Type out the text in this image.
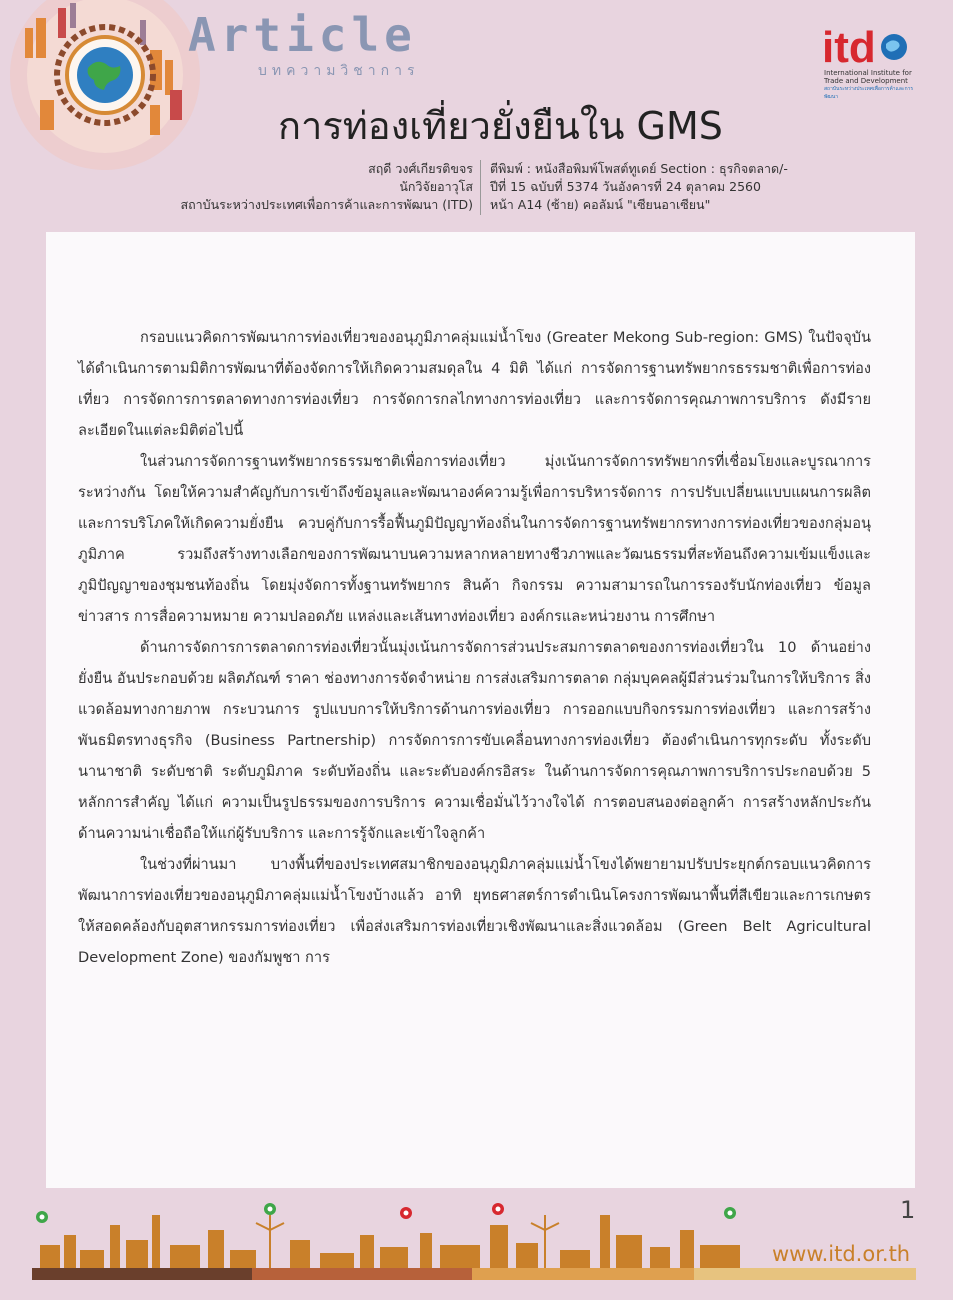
Article
บทความวิชาการ
การท่องเที่ยวยั่งยืนใน GMS
itd
International Institute for Trade and Development
สถาบันระหว่างประเทศเพื่อการค้าและการพัฒนา
สฤดี วงศ์เกียรติขจร
นักวิจัยอาวุโส
สถาบันระหว่างประเทศเพื่อการค้าและการพัฒนา (ITD)
ตีพิมพ์ : หนังสือพิมพ์โพสต์ทูเดย์ Section : ธุรกิจตลาด/-
ปีที่ 15 ฉบับที่ 5374 วันอังคารที่ 24 ตุลาคม 2560
หน้า A14 (ซ้าย) คอลัมน์ "เซียนอาเซียน"

กรอบแนวคิดการพัฒนาการท่องเที่ยวของอนุภูมิภาคลุ่มแม่น้ำโขง (Greater Mekong Sub-region: GMS) ในปัจจุบัน ได้ดำเนินการตามมิติการพัฒนาที่ต้องจัดการให้เกิดความสมดุลใน 4 มิติ ได้แก่ การจัดการฐานทรัพยากรธรรมชาติเพื่อการท่องเที่ยว การจัดการการตลาดทางการท่องเที่ยว การจัดการกลไกทางการท่องเที่ยว และการจัดการคุณภาพการบริการ ดังมีรายละเอียดในแต่ละมิติต่อไปนี้

ในส่วนการจัดการฐานทรัพยากรธรรมชาติเพื่อการท่องเที่ยว มุ่งเน้นการจัดการทรัพยากรที่เชื่อมโยงและบูรณาการระหว่างกัน โดยให้ความสำคัญกับการเข้าถึงข้อมูลและพัฒนาองค์ความรู้เพื่อการบริหารจัดการ การปรับเปลี่ยนแบบแผนการผลิตและการบริโภคให้เกิดความยั่งยืน ควบคู่กับการรื้อฟื้นภูมิปัญญาท้องถิ่นในการจัดการฐานทรัพยากรทางการท่องเที่ยวของกลุ่มอนุภูมิภาค รวมถึงสร้างทางเลือกของการพัฒนาบนความหลากหลายทางชีวภาพและวัฒนธรรมที่สะท้อนถึงความเข้มแข็งและภูมิปัญญาของชุมชนท้องถิ่น โดยมุ่งจัดการทั้งฐานทรัพยากร สินค้า กิจกรรม ความสามารถในการรองรับนักท่องเที่ยว ข้อมูลข่าวสาร การสื่อความหมาย ความปลอดภัย แหล่งและเส้นทางท่องเที่ยว องค์กรและหน่วยงาน การศึกษา

ด้านการจัดการการตลาดการท่องเที่ยวนั้นมุ่งเน้นการจัดการส่วนประสมการตลาดของการท่องเที่ยวใน 10 ด้านอย่างยั่งยืน อันประกอบด้วย ผลิตภัณฑ์ ราคา ช่องทางการจัดจำหน่าย การส่งเสริมการตลาด กลุ่มบุคคลผู้มีส่วนร่วมในการให้บริการ สิ่งแวดล้อมทางกายภาพ กระบวนการ รูปแบบการให้บริการด้านการท่องเที่ยว การออกแบบกิจกรรมการท่องเที่ยว และการสร้างพันธมิตรทางธุรกิจ (Business Partnership) การจัดการการขับเคลื่อนทางการท่องเที่ยว ต้องดำเนินการทุกระดับ ทั้งระดับนานาชาติ ระดับชาติ ระดับภูมิภาค ระดับท้องถิ่น และระดับองค์กรอิสระ ในด้านการจัดการคุณภาพการบริการประกอบด้วย 5 หลักการสำคัญ ได้แก่ ความเป็นรูปธรรมของการบริการ ความเชื่อมั่นไว้วางใจได้ การตอบสนองต่อลูกค้า การสร้างหลักประกันด้านความน่าเชื่อถือให้แก่ผู้รับบริการ และการรู้จักและเข้าใจลูกค้า

ในช่วงที่ผ่านมา บางพื้นที่ของประเทศสมาชิกของอนุภูมิภาคลุ่มแม่น้ำโขงได้พยายามปรับประยุกต์กรอบแนวคิดการพัฒนาการท่องเที่ยวของอนุภูมิภาคลุ่มแม่น้ำโขงบ้างแล้ว อาทิ ยุทธศาสตร์การดำเนินโครงการพัฒนาพื้นที่สีเขียวและการเกษตรให้สอดคล้องกับอุตสาหกรรมการท่องเที่ยว เพื่อส่งเสริมการท่องเที่ยวเชิงพัฒนาและสิ่งแวดล้อม (Green Belt Agricultural Development Zone) ของกัมพูชา การ

1
www.itd.or.th
